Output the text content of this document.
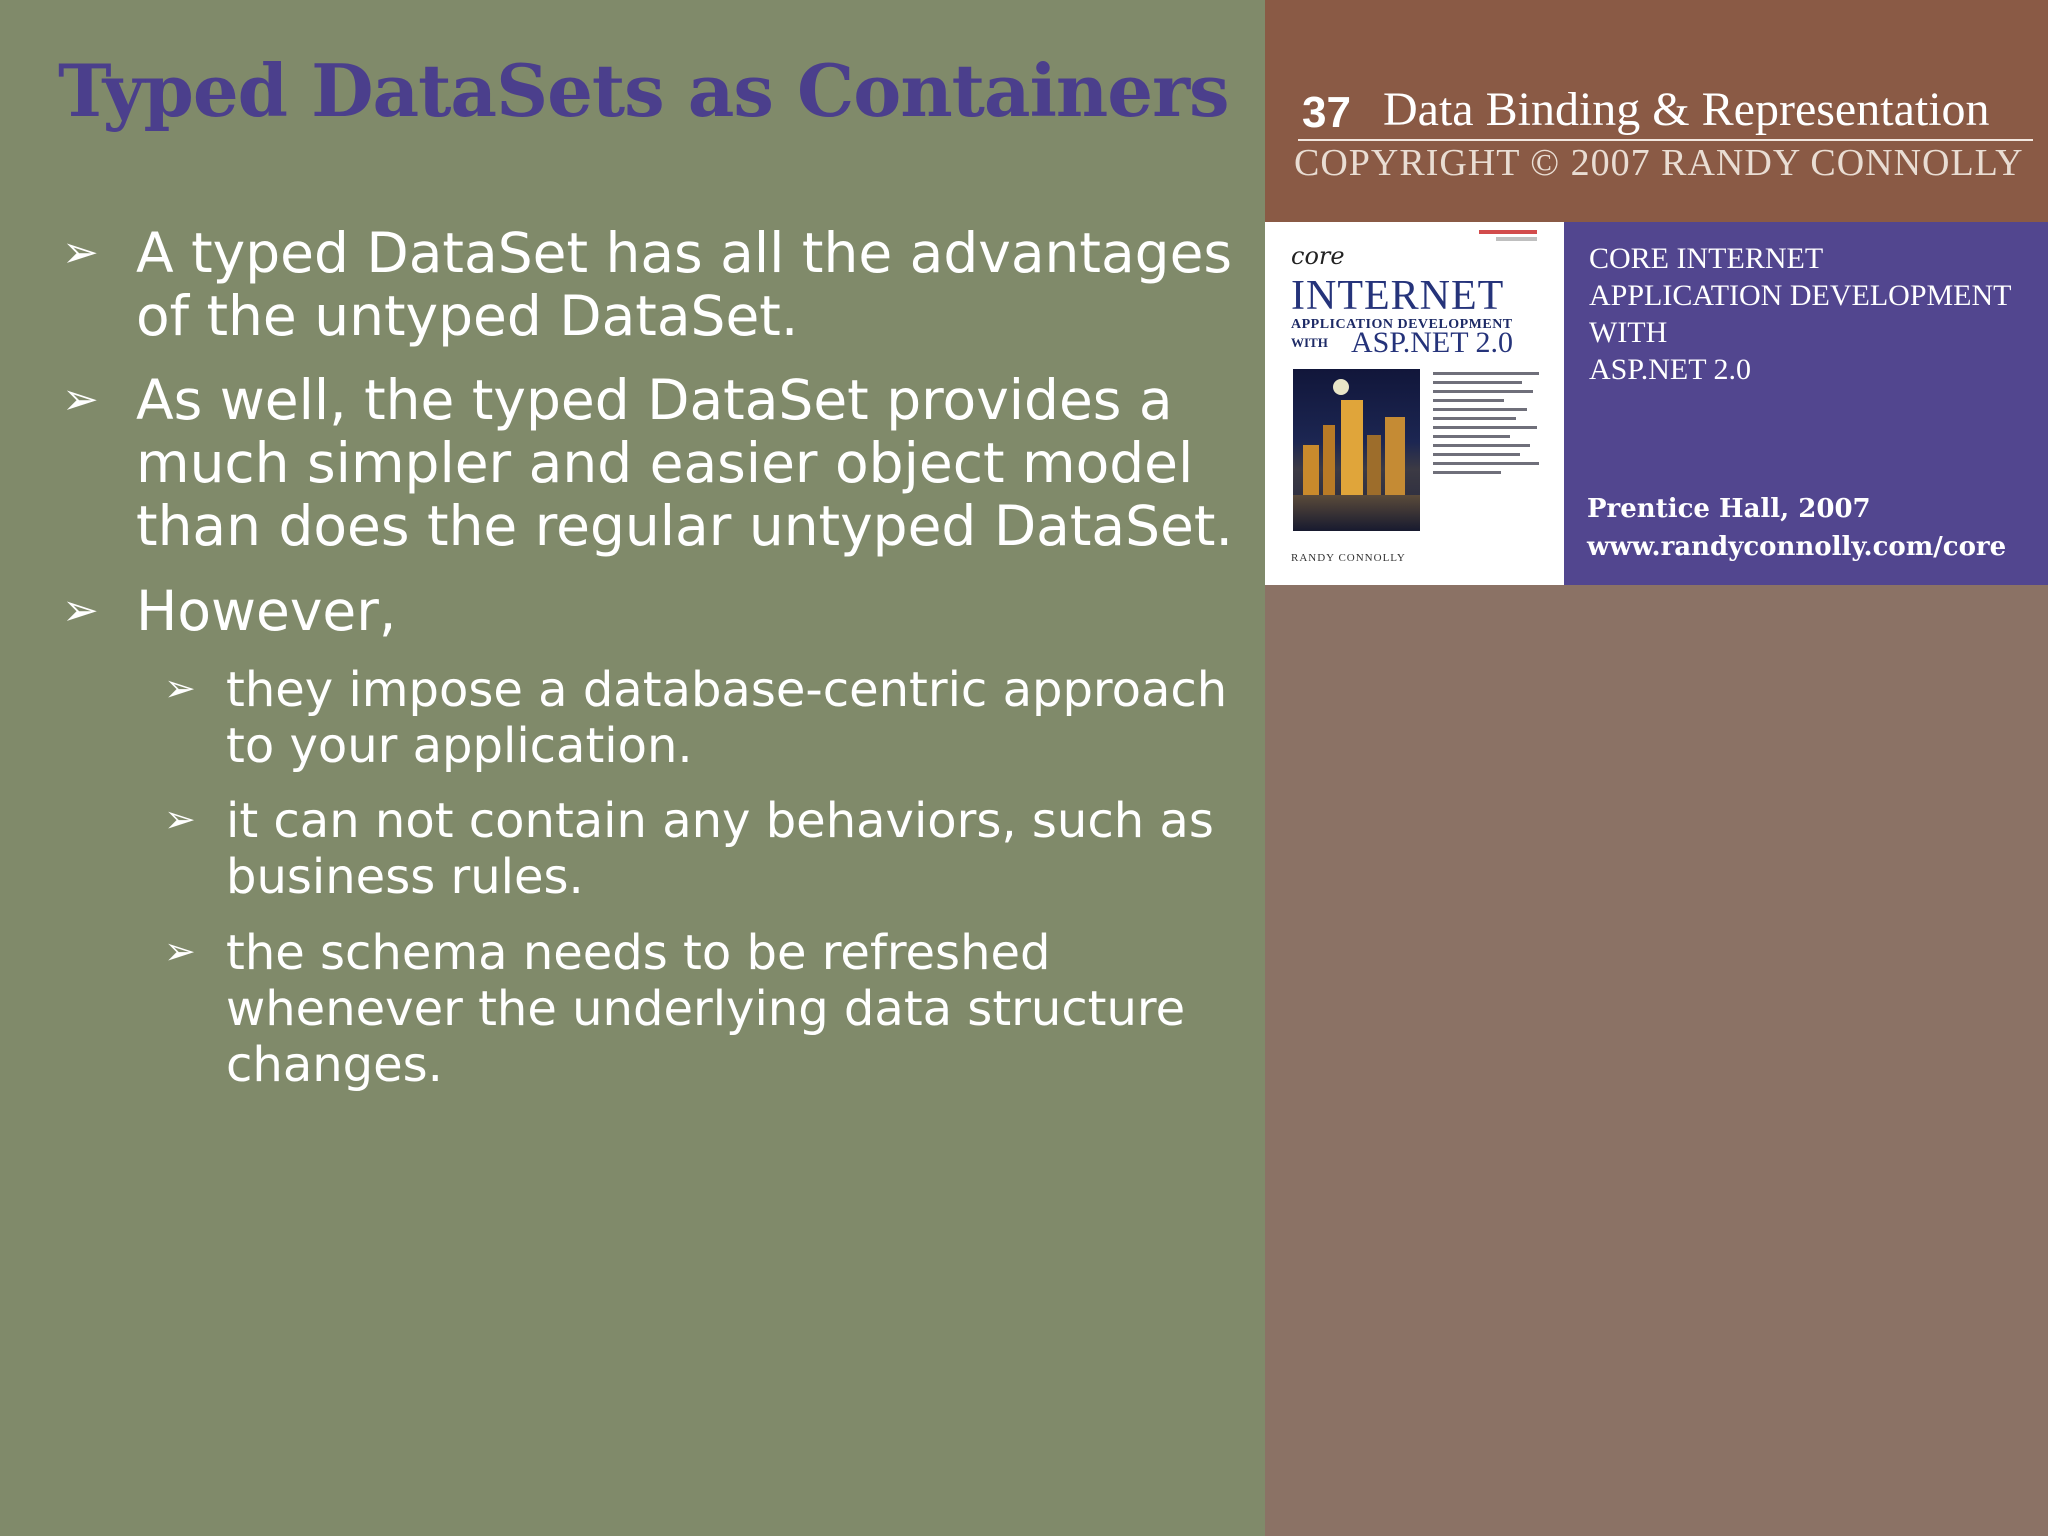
Typed DataSets as Containers 37 Data Binding & Representation
COPYRIGHT © 2007 RANDY CONNOLLY
core
INTERNET
APPLICATION DEVELOPMENT
WITH ASP.NET 2.0
RANDY CONNOLLY
CORE INTERNET
APPLICATION DEVELOPMENT
WITH
ASP.NET 2.0
Prentice Hall, 2007
www.randyconnolly.com/core
➢ A typed DataSet has all the advantages of the untyped DataSet.
➢ As well, the typed DataSet provides a much simpler and easier object model than does the regular untyped DataSet.
➢ However,
➢ they impose a database-centric approach to your application.
➢ it can not contain any behaviors, such as business rules.
➢ the schema needs to be refreshed whenever the underlying data structure changes.
